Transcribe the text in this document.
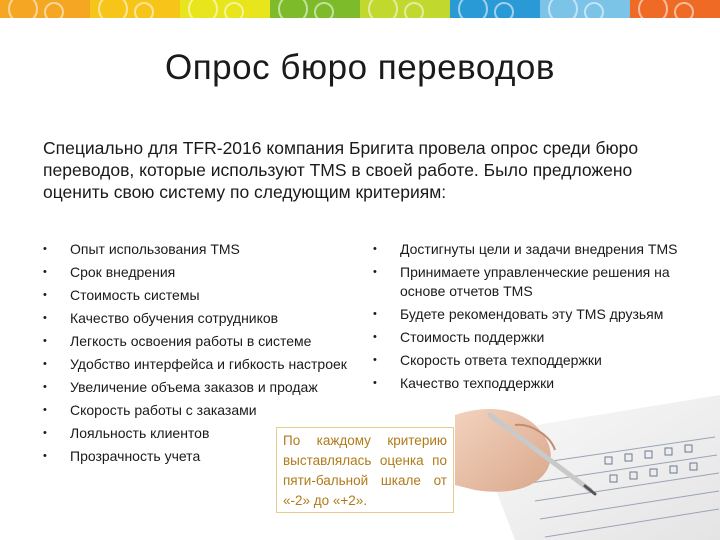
Опрос бюро переводов
Специально для TFR-2016 компания Бригита провела опрос среди бюро переводов, которые используют TMS в своей работе. Было предложено оценить свою систему по следующим критериям:
• Опыт использования TMS
• Срок внедрения
• Стоимость системы
• Качество обучения сотрудников
• Легкость освоения работы в системе
• Удобство интерфейса и гибкость настроек
• Увеличение объема заказов и продаж
• Скорость работы с заказами
• Лояльность клиентов
• Прозрачность учета
• Достигнуты цели и задачи внедрения TMS
• Принимаете управленческие решения на основе отчетов TMS
• Будете рекомендовать эту TMS друзьям
• Стоимость поддержки
• Скорость ответа техподдержки
• Качество техподдержки
По каждому критерию выставлялась оценка по пяти-бальной шкале от «-2» до «+2».
